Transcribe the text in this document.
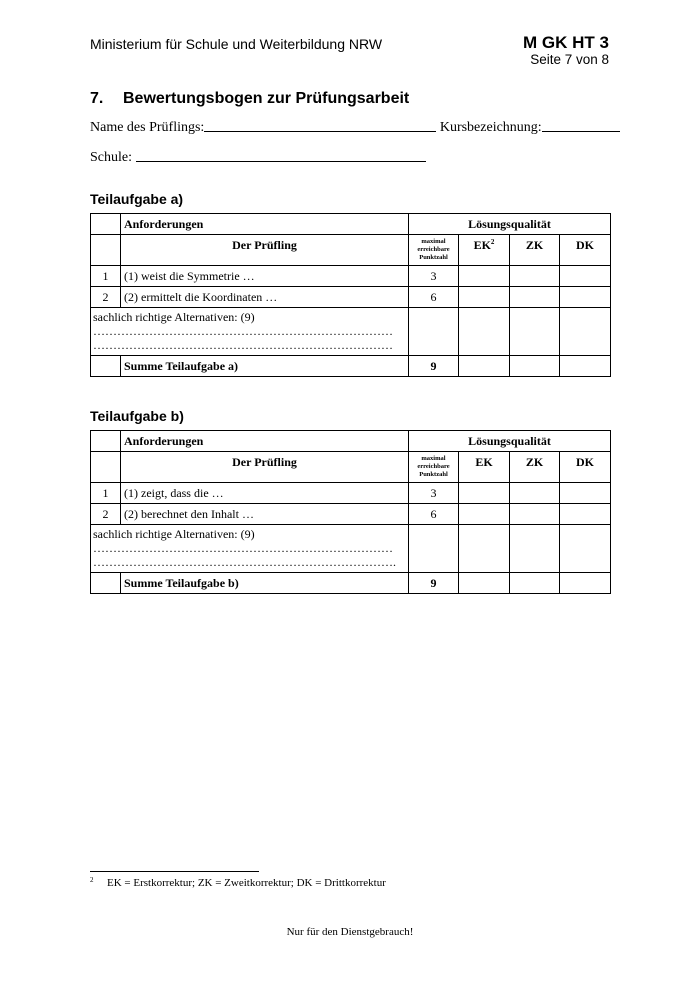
Ministerium für Schule und Weiterbildung NRW	M GK HT 3
Seite 7 von 8
7. Bewertungsbogen zur Prüfungsarbeit
Name des Prüflings:	Kursbezeichnung:
Schule:
Teilaufgabe a)
	Anforderungen	Lösungsqualität			
	Der Prüfling	maximal erreichbare Punktzahl	$EK^2$	ZK	DK
1	(1) weist die Symmetrie …	3			
2	(2) ermittelt die Koordinaten …	6			

sachlich richtige Alternativen: (9)
…………………………………………………………………
…………………………………………………………………					

	Summe Teilaufgabe a)	9			
Teilaufgabe b)
	Anforderungen	Lösungsqualität			
	Der Prüfling	maximal erreichbare Punktzahl	EK	ZK	DK
1	(1) zeigt, dass die …	3			
2	(2) berechnet den Inhalt …	6			

sachlich richtige Alternativen: (9)
…………………………………………………………………
………………………………………………………………….					

	Summe Teilaufgabe b)	9			
$^2$ EK = Erstkorrektur; ZK = Zweitkorrektur; DK = Drittkorrektur
Nur für den Dienstgebrauch!
